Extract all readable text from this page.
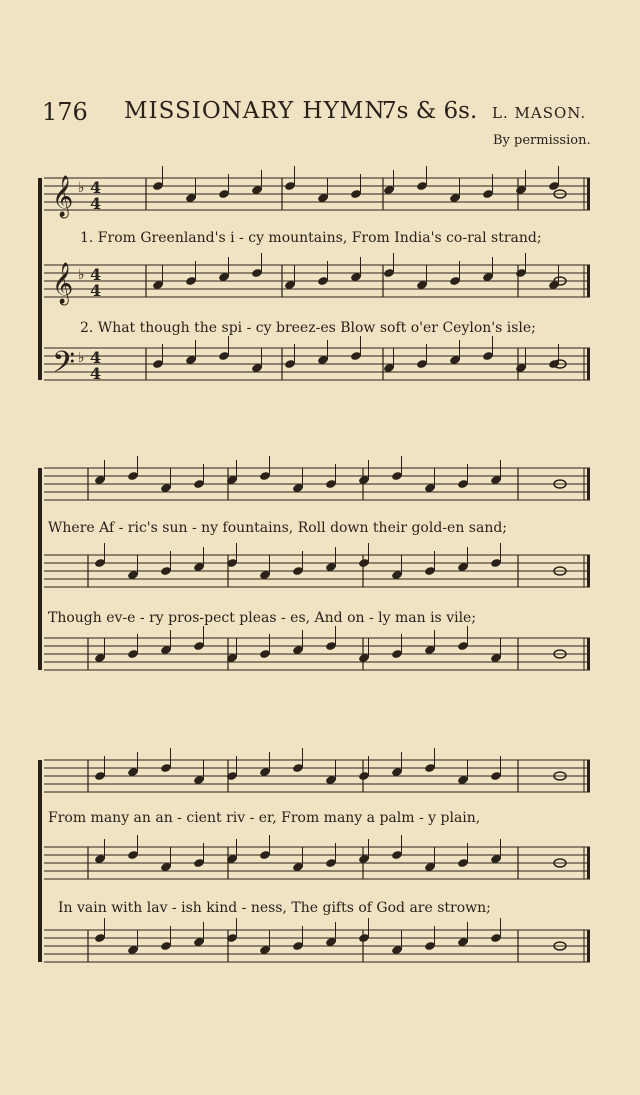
176 MISSIONARY HYMN.
7s & 6s. L. MASON.
By permission.
𝄞 ♭ 4
4
𝄞 ♭ 4
4
𝄢 ♭ 4
4
1. From Greenland's i - cy mountains, From India's co-ral strand;
2. What though the spi - cy breez-es Blow soft o'er Ceylon's isle;
Where Af - ric's sun - ny fountains, Roll down their gold-en sand;
Though ev-e - ry pros-pect pleas - es, And on - ly man is vile;
From many an an - cient riv - er, From many a palm - y plain,
In vain with lav - ish kind - ness, The gifts of God are strown;
